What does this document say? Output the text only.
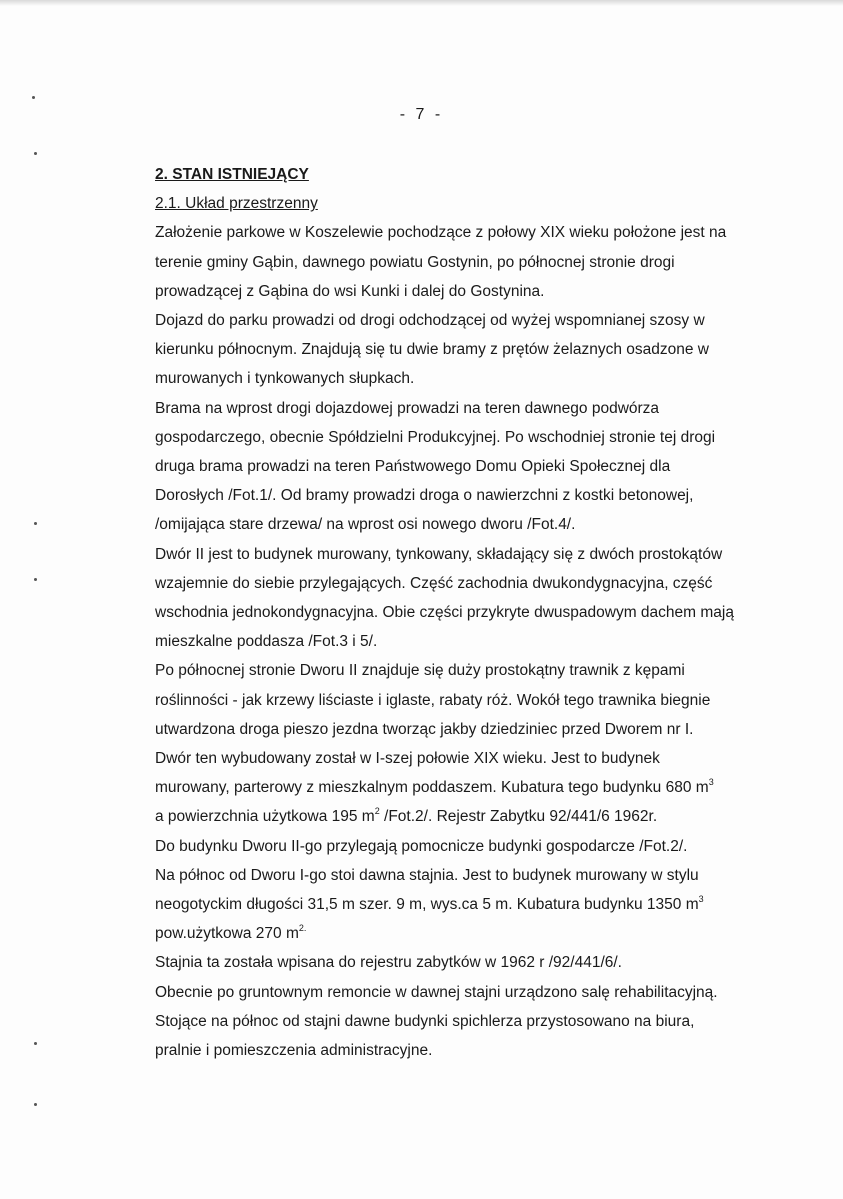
- 7 -

2. STAN ISTNIEJĄCY

2.1. Układ przestrzenny

Założenie parkowe w Koszelewie pochodzące z połowy XIX wieku położone jest na

terenie gminy Gąbin, dawnego powiatu Gostynin, po północnej stronie drogi

prowadzącej z Gąbina do wsi Kunki i dalej do Gostynina.

Dojazd do parku prowadzi od drogi odchodzącej od wyżej wspomnianej szosy w

kierunku północnym. Znajdują się tu dwie bramy z prętów żelaznych osadzone w

murowanych i tynkowanych słupkach.

Brama na wprost drogi dojazdowej prowadzi na teren dawnego podwórza

gospodarczego, obecnie Spółdzielni Produkcyjnej. Po wschodniej stronie tej drogi

druga brama prowadzi na teren Państwowego Domu Opieki Społecznej dla

Dorosłych /Fot.1/. Od bramy prowadzi droga o nawierzchni z kostki betonowej,

/omijająca stare drzewa/ na wprost osi nowego dworu /Fot.4/.

Dwór II jest to budynek murowany, tynkowany, składający się z dwóch prostokątów

wzajemnie do siebie przylegających. Część zachodnia dwukondygnacyjna, część

wschodnia jednokondygnacyjna. Obie części przykryte dwuspadowym dachem mają

mieszkalne poddasza /Fot.3 i 5/.

Po północnej stronie Dworu II znajduje się duży prostokątny trawnik z kępami

roślinności - jak krzewy liściaste i iglaste, rabaty róż. Wokół tego trawnika biegnie

utwardzona droga pieszo jezdna tworząc jakby dziedziniec przed Dworem nr I.

Dwór ten wybudowany został w I-szej połowie XIX wieku. Jest to budynek

murowany, parterowy z mieszkalnym poddaszem. Kubatura tego budynku 680 $m^3$

a powierzchnia użytkowa 195 $m^2$ /Fot.2/. Rejestr Zabytku 92/441/6 1962r.

Do budynku Dworu II-go przylegają pomocnicze budynki gospodarcze /Fot.2/.

Na północ od Dworu I-go stoi dawna stajnia. Jest to budynek murowany w stylu

neogotyckim długości 31,5 m szer. 9 m, wys.ca 5 m. Kubatura budynku 1350 $m^3$

pow.użytkowa 270 $m^{2.}$

Stajnia ta została wpisana do rejestru zabytków w 1962 r /92/441/6/.

Obecnie po gruntownym remoncie w dawnej stajni urządzono salę rehabilitacyjną.

Stojące na północ od stajni dawne budynki spichlerza przystosowano na biura,

pralnie i pomieszczenia administracyjne.
